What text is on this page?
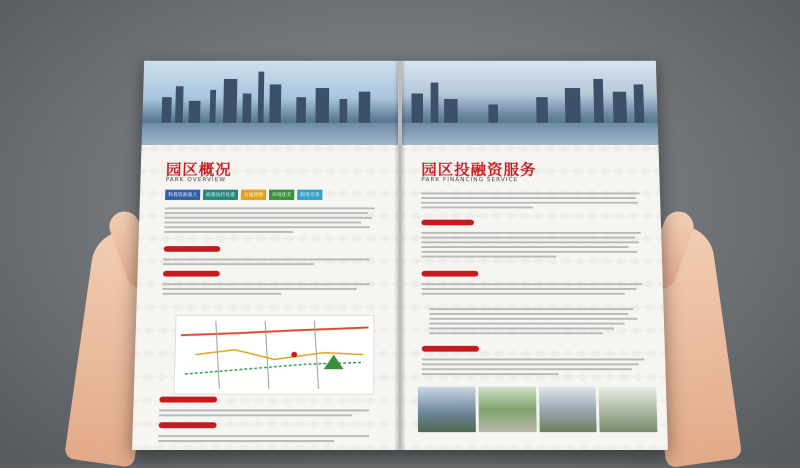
园区概况
PARK OVERVIEW
科教资源强大	政策扶持优惠	交通便捷	环境优美	服务完善
园区投融资服务
PARK FINANCING SERVICE
